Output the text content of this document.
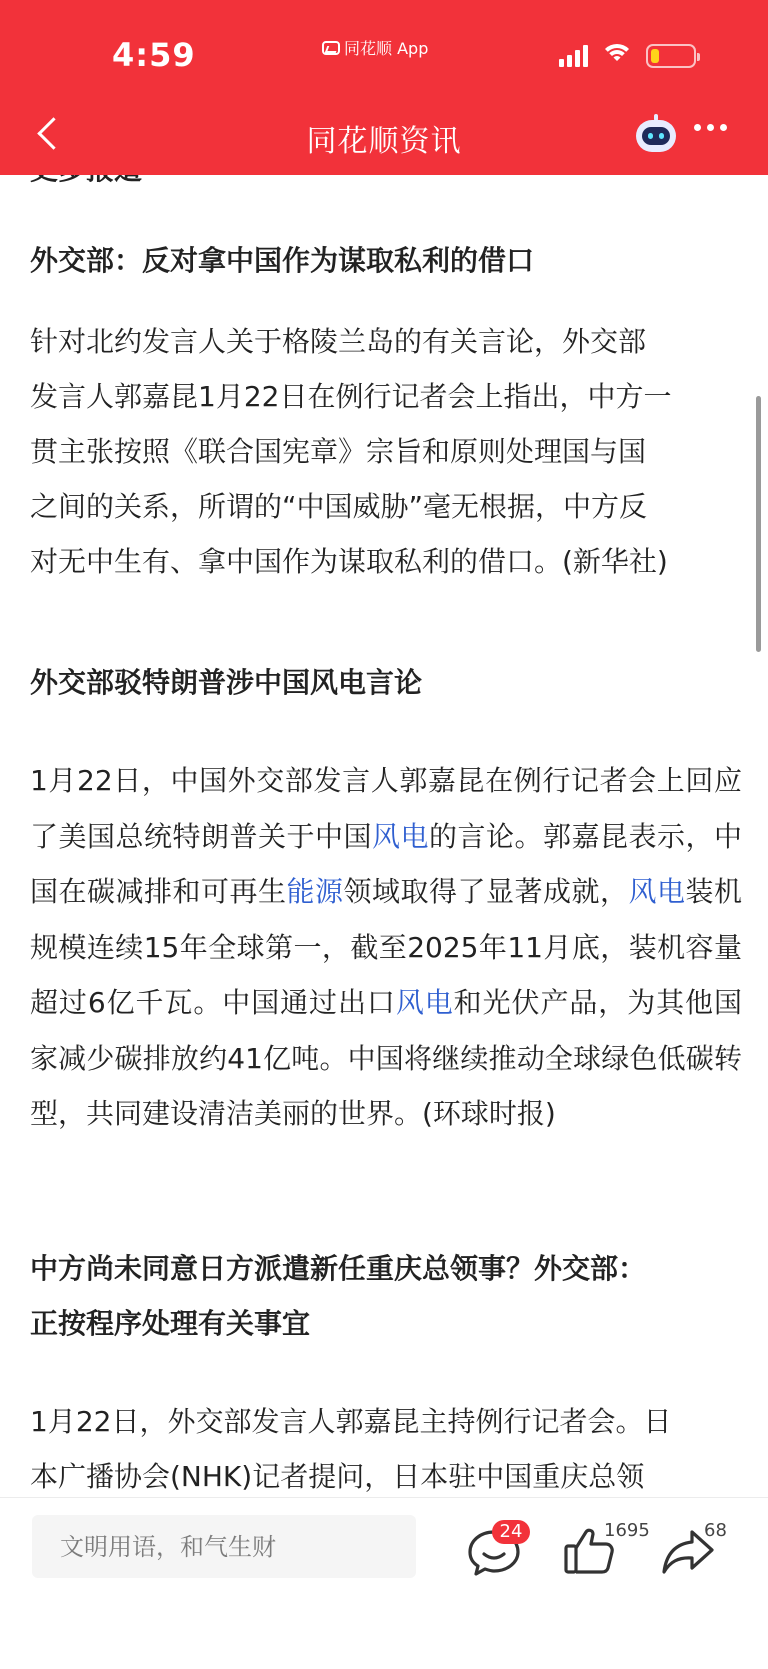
外交部：反对拿中国作为谋取私利的借口
针对北约发言人关于格陵兰岛的有关言论，外交部
发言人郭嘉昆1月22日在例行记者会上指出，中方一
贯主张按照《联合国宪章》宗旨和原则处理国与国
之间的关系，所谓的“中国威胁”毫无根据，中方反
对无中生有、拿中国作为谋取私利的借口。(新华社)
外交部驳特朗普涉中国风电言论
1月22日，中国外交部发言人郭嘉昆在例行记者会上回应了美国总统特朗普关于中国风电的言论。郭嘉昆表示，中国在碳减排和可再生能源领域取得了显著成就，风电装机规模连续15年全球第一，截至2025年11月底，装机容量超过6亿千瓦。中国通过出口风电和光伏产品，为其他国家减少碳排放约41亿吨。中国将继续推动全球绿色低碳转型，共同建设清洁美丽的世界。(环球时报)
中方尚未同意日方派遣新任重庆总领事？外交部：
正按程序处理有关事宜
1月22日，外交部发言人郭嘉昆主持例行记者会。日
本广播协会(NHK)记者提问，日本驻中国重庆总领
4:59	同花顺 App
同花顺资讯
文明用语，和气生财
24	1695	68
